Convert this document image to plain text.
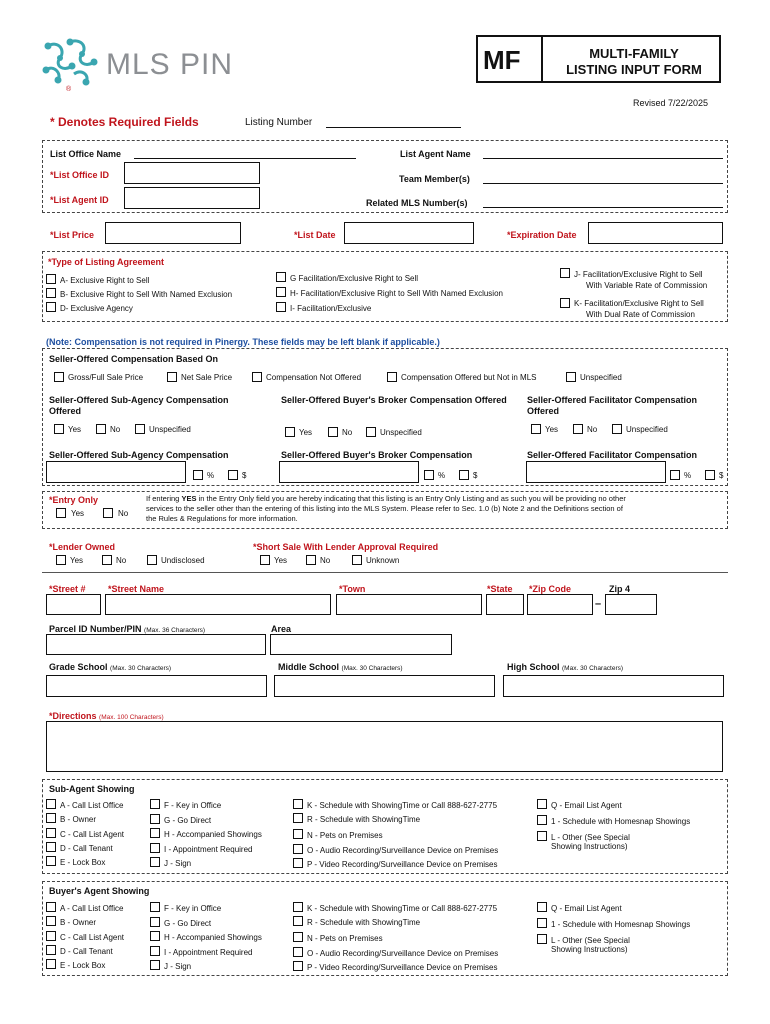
MLS PIN
®
MF	MULTI-FAMILY
LISTING INPUT FORM
Revised 7/22/2025
* Denotes Required Fields	Listing Number
List Office Name	List Agent Name
*List Office ID	Team Member(s)
*List Agent ID	Related MLS Number(s)
*List Price	*List Date	*Expiration Date
*Type of Listing Agreement
A- Exclusive Right to Sell
B- Exclusive Right to Sell With Named Exclusion
D- Exclusive Agency
G Facilitation/Exclusive Right to Sell
H- Facilitation/Exclusive Right to Sell With Named Exclusion
I- Facilitation/Exclusive
J- Facilitation/Exclusive Right to Sell
With Variable Rate of Commission
K- Facilitation/Exclusive Right to Sell
With Dual Rate of Commission
(Note: Compensation is not required in Pinergy. These fields may be left blank if applicable.)
Seller-Offered Compensation Based On
Gross/Full Sale Price	Net Sale Price	Compensation Not Offered	Compensation Offered but Not in MLS	Unspecified
Seller-Offered Sub-Agency Compensation Offered
Seller-Offered Buyer's Broker Compensation Offered	Seller-Offered Facilitator Compensation Offered
Yes	No	Unspecified	Yes	No	Unspecified	Yes	No	Unspecified
Seller-Offered Sub-Agency Compensation	Seller-Offered Buyer's Broker Compensation	Seller-Offered Facilitator Compensation
%	$	%	$	%	$
*Entry Only
Yes	No
If entering YES in the Entry Only field you are hereby indicating that this listing is an Entry Only Listing and as such you will be providing no other
services to the seller other than the entering of this listing into the MLS System. Please refer to Sec. 1.0 (b) Note 2 and the Definitions section of
the Rules & Regulations for more information.
*Lender Owned
Yes	No	Undisclosed
*Short Sale With Lender Approval Required
Yes	No	Unknown
*Street # *Street Name	*Town	*State *Zip Code	Zip 4
–
Parcel ID Number/PIN (Max. 36 Characters)	Area
Grade School (Max. 30 Characters)	Middle School (Max. 30 Characters)	High School (Max. 30 Characters)
*Directions (Max. 100 Characters)
Sub-Agent Showing
A - Call List Office
B - Owner
C - Call List Agent
D - Call Tenant
E - Lock Box
F - Key in Office
G - Go Direct
H - Accompanied Showings
I - Appointment Required
J - Sign
K - Schedule with ShowingTime or Call 888-627-2775
R - Schedule with ShowingTime
N - Pets on Premises
O - Audio Recording/Surveillance Device on Premises
P - Video Recording/Surveillance Device on Premises
Q - Email List Agent
1 - Schedule with Homesnap Showings
L - Other (See Special
Showing Instructions)
Buyer's Agent Showing
A - Call List Office
B - Owner
C - Call List Agent
D - Call Tenant
E - Lock Box
F - Key in Office
G - Go Direct
H - Accompanied Showings
I - Appointment Required
J - Sign
K - Schedule with ShowingTime or Call 888-627-2775
R - Schedule with ShowingTime
N - Pets on Premises
O - Audio Recording/Surveillance Device on Premises
P - Video Recording/Surveillance Device on Premises
Q - Email List Agent
1 - Schedule with Homesnap Showings
L - Other (See Special
Showing Instructions)
